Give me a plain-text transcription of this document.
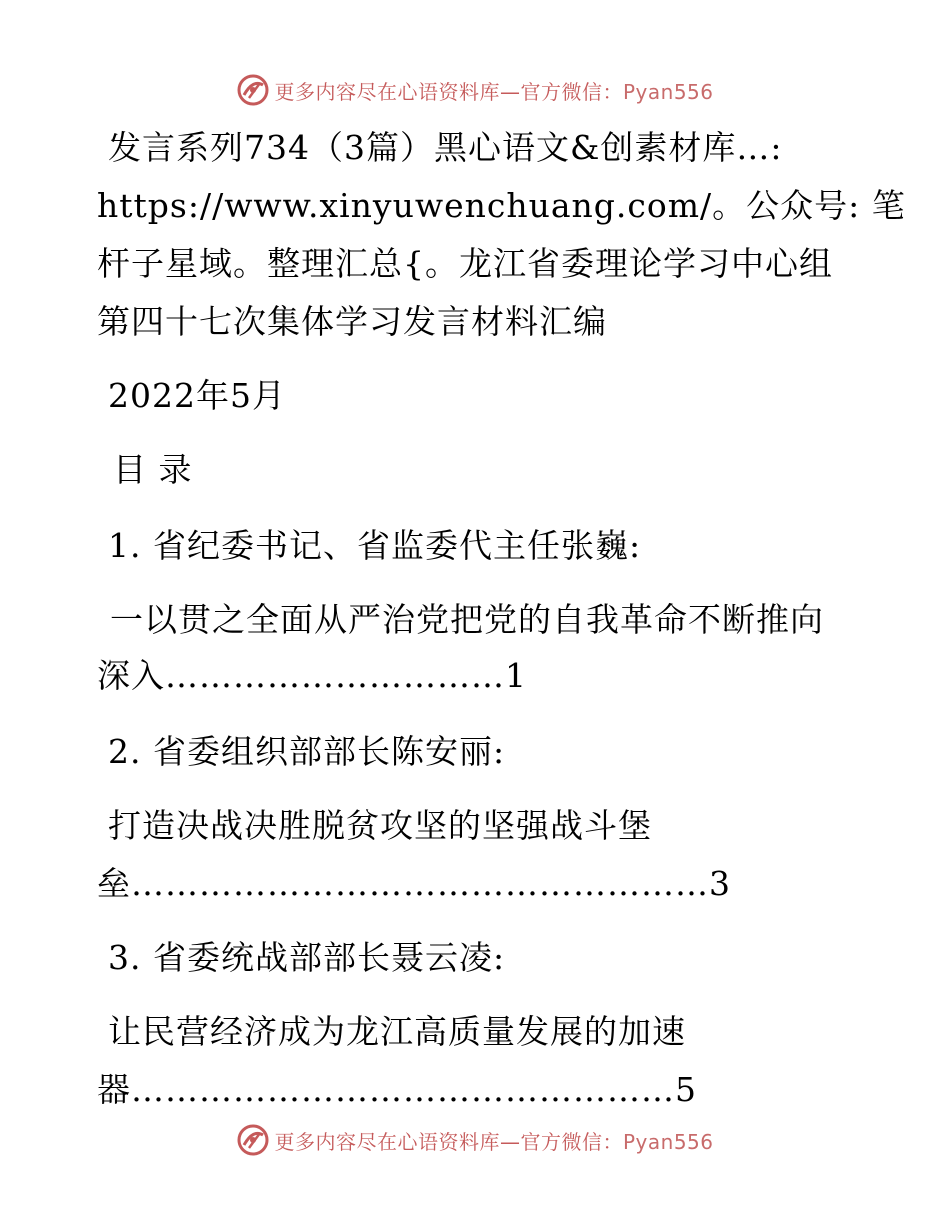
更多内容尽在心语资料库—官方微信：Pyan556
发言系列734（3篇）黑心语文&创素材库…:
https://www.xinyuwenchuang.com/。公众号: 笔
杆子星域。整理汇总{。龙江省委理论学习中心组
第四十七次集体学习发言材料汇编
2022年5月
目 录
1. 省纪委书记、省监委代主任张巍:
一以贯之全面从严治党把党的自我革命不断推向
深入…………………………1
2. 省委组织部部长陈安丽:
打造决战决胜脱贫攻坚的坚强战斗堡
垒……………………………………………3
3. 省委统战部部长聂云凌:
让民营经济成为龙江高质量发展的加速
器…………………………………………5
更多内容尽在心语资料库—官方微信：Pyan556
